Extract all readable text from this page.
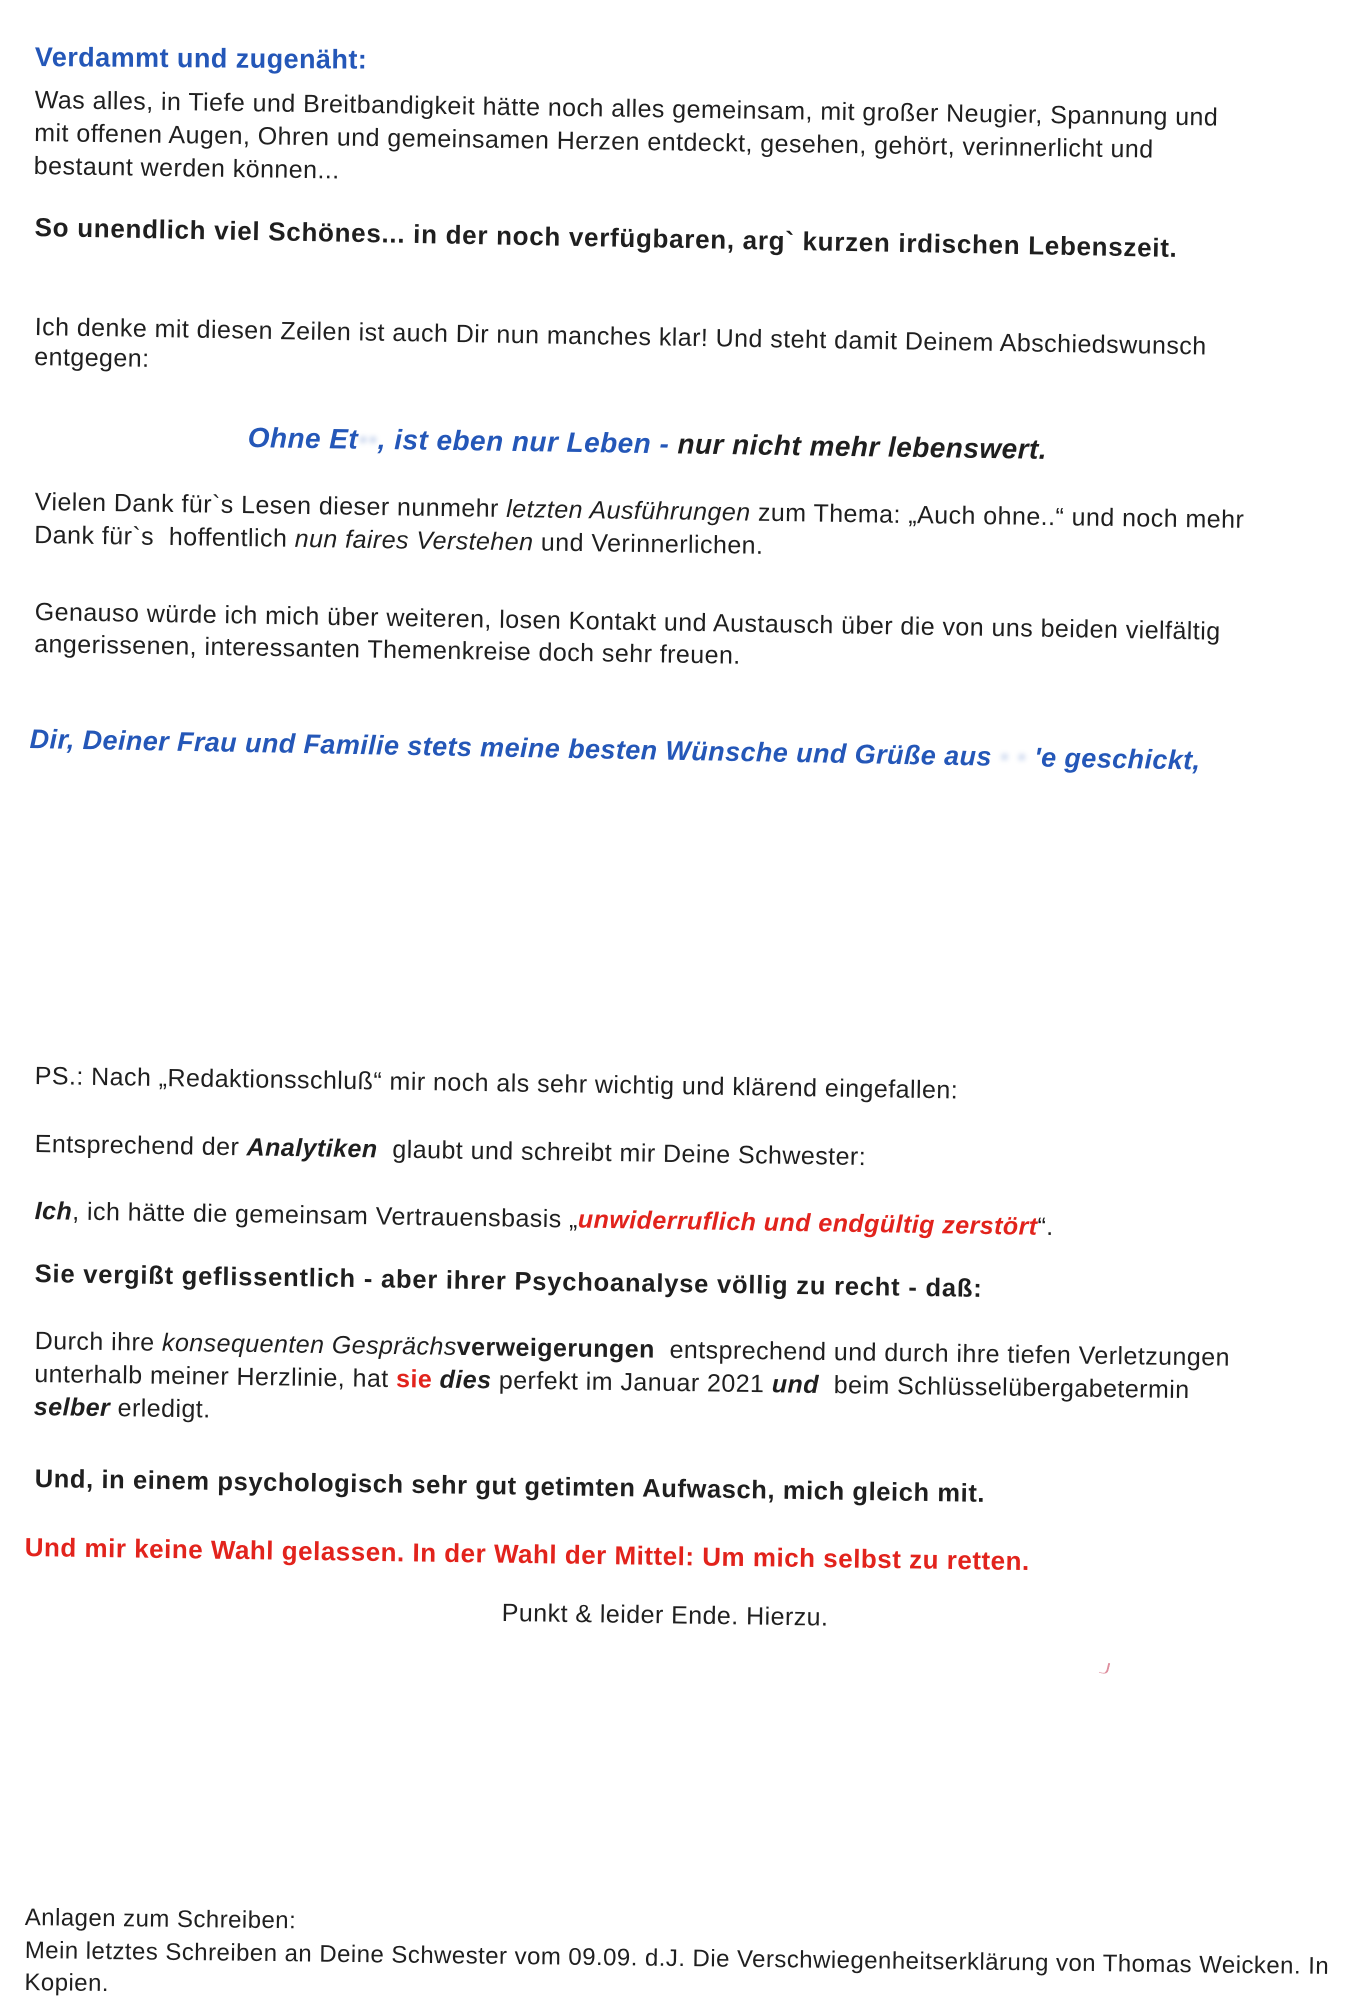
Verdammt und zugenäht:

Was alles, in Tiefe und Breitbandigkeit hätte noch alles gemeinsam, mit großer Neugier, Spannung und
mit offenen Augen, Ohren und gemeinsamen Herzen entdeckt, gesehen, gehört, verinnerlicht und
bestaunt werden können...

So unendlich viel Schönes... in der noch verfügbaren, arg` kurzen irdischen Lebenszeit.

Ich denke mit diesen Zeilen ist auch Dir nun manches klar! Und steht damit Deinem Abschiedswunsch
entgegen:

Ohne Et··, ist eben nur Leben - nur nicht mehr lebenswert.

Vielen Dank für`s Lesen dieser nunmehr letzten Ausführungen zum Thema: „Auch ohne..“ und noch mehr
Dank für`s  hoffentlich nun faires Verstehen und Verinnerlichen.

Genauso würde ich mich über weiteren, losen Kontakt und Austausch über die von uns beiden vielfältig
angerissenen, interessanten Themenkreise doch sehr freuen.

Dir, Deiner Frau und Familie stets meine besten Wünsche und Grüße aus · · 'e geschickt,

PS.: Nach „Redaktionsschluß“ mir noch als sehr wichtig und klärend eingefallen:

Entsprechend der Analytiken  glaubt und schreibt mir Deine Schwester:

Ich, ich hätte die gemeinsam Vertrauensbasis „unwiderruflich und endgültig zerstört“.

Sie vergißt geflissentlich - aber ihrer Psychoanalyse völlig zu recht - daß:

Durch ihre konsequenten Gesprächsverweigerungen  entsprechend und durch ihre tiefen Verletzungen
unterhalb meiner Herzlinie, hat sie dies perfekt im Januar 2021 und  beim Schlüsselübergabetermin
selber erledigt.

Und, in einem psychologisch sehr gut getimten Aufwasch, mich gleich mit.

Und mir keine Wahl gelassen. In der Wahl der Mittel: Um mich selbst zu retten.

Punkt & leider Ende. Hierzu.

Anlagen zum Schreiben:

Mein letztes Schreiben an Deine Schwester vom 09.09. d.J. Die Verschwiegenheitserklärung von Thomas Weicken. In Kopien.
